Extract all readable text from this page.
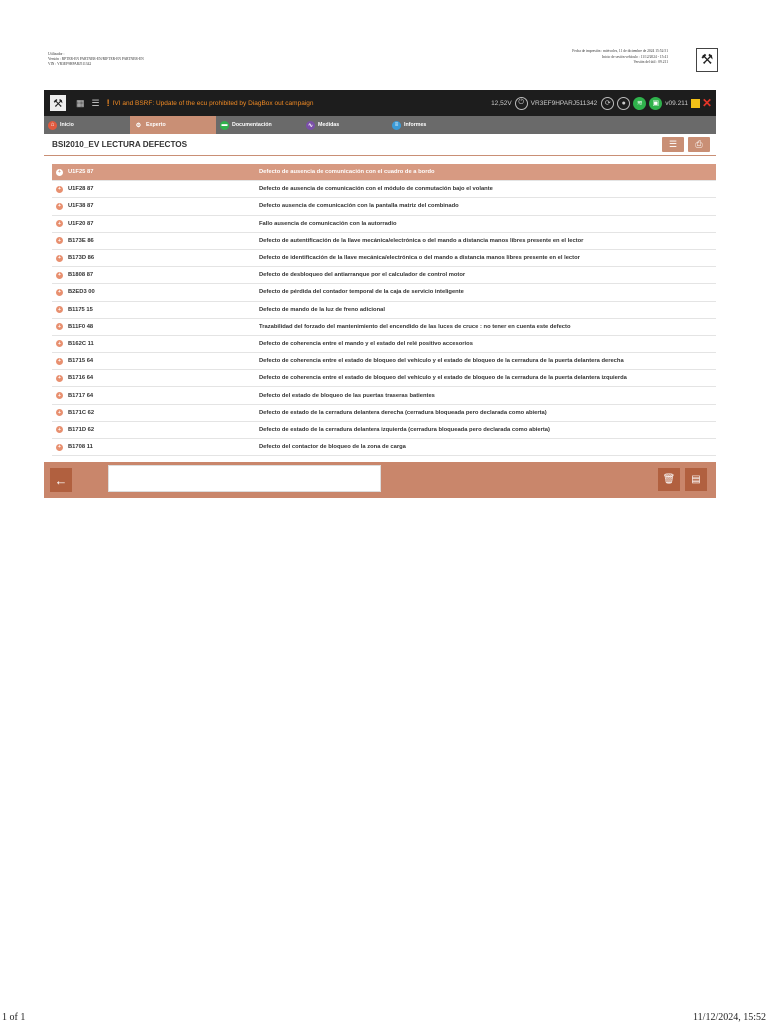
Utilizador :
Versión : RPTER-EN PARTNER-EN/RIFTER-EN PARTNER-EN
VIN : VR3EF9HPARJ511342
Fecha de impresión : miércoles, 11 de diciembre de 2024 15:52:51
Inicio de sesión vehículo : 11/12/2024 - 15:41
Versión del útil : 09.211	⚒
⚒	▦ ☰ ! IVI and BSRF: Update of the ecu prohibited by DiagBox out campaign	12,52V ⏻	VR3EF9HPARJ511342	⟳	●	≋	▣ v09.211 ✕
⌂	Inicio	⚙ Experto	▬ Documentación	∿ Medidas	≡	Informes
BSI2010_EV LECTURA DEFECTOS	☰ ⎙
+	U1F25 87	Defecto de ausencia de comunicación con el cuadro de a bordo
+	U1F28 87	Defecto de ausencia de comunicación con el módulo de conmutación bajo el volante
+	U1F38 87	Defecto ausencia de comunicación con la pantalla matriz del combinado
+	U1F20 87	Fallo ausencia de comunicación con la autorradio
+	B173E 86	Defecto de autentificación de la llave mecánica/electrónica o del mando a distancia manos libres presente en el lector
+	B173D 86	Defecto de identificación de la llave mecánica/electrónica o del mando a distancia manos libres presente en el lector
+	B1808 87	Defecto de desbloqueo del antiarranque por el calculador de control motor
+	B2ED3 00	Defecto de pérdida del contador temporal de la caja de servicio inteligente
+	B1175 15	Defecto de mando de la luz de freno adicional
+	B11F0 48	Trazabilidad del forzado del mantenimiento del encendido de las luces de cruce : no tener en cuenta este defecto
+	B162C 11	Defecto de coherencia entre el mando y el estado del relé positivo accesorios
+	B1715 64	Defecto de coherencia entre el estado de bloqueo del vehículo y el estado de bloqueo de la cerradura de la puerta delantera derecha
+	B1716 64	Defecto de coherencia entre el estado de bloqueo del vehículo y el estado de bloqueo de la cerradura de la puerta delantera izquierda
+	B1717 64	Defecto del estado de bloqueo de las puertas traseras batientes
+	B171C 62	Defecto de estado de la cerradura delantera derecha (cerradura bloqueada pero declarada como abierta)
+	B171D 62	Defecto de estado de la cerradura delantera izquierda (cerradura bloqueada pero declarada como abierta)
+	B1708 11	Defecto del contactor de bloqueo de la zona de carga
←	🗑 ▤
1 of 1	11/12/2024, 15:52
